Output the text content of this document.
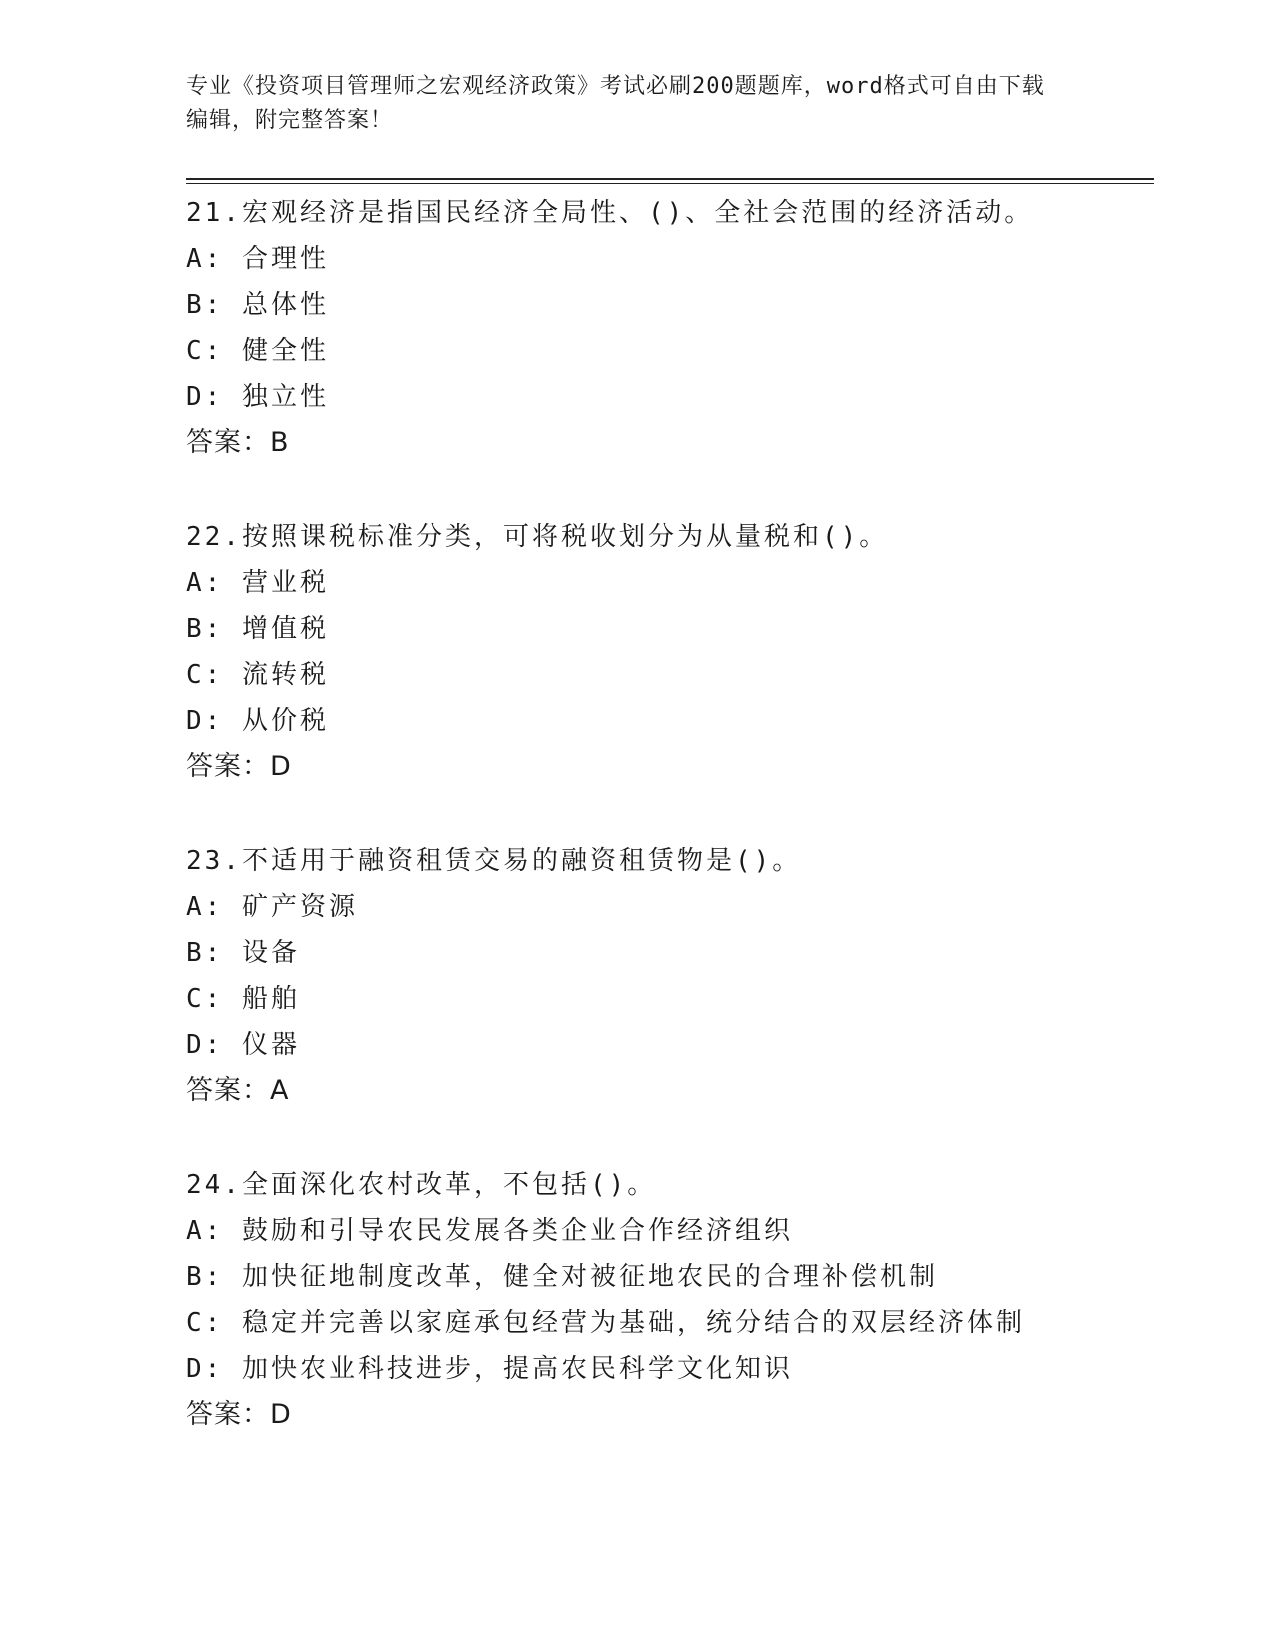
专业《投资项目管理师之宏观经济政策》考试必刷200题题库，word格式可自由下载编辑，附完整答案！
21.宏观经济是指国民经济全局性、()、全社会范围的经济活动。
A: 合理性
B: 总体性
C: 健全性
D: 独立性
答案：B
22.按照课税标准分类，可将税收划分为从量税和()。
A: 营业税
B: 增值税
C: 流转税
D: 从价税
答案：D
23.不适用于融资租赁交易的融资租赁物是()。
A: 矿产资源
B: 设备
C: 船舶
D: 仪器
答案：A
24.全面深化农村改革，不包括()。
A: 鼓励和引导农民发展各类企业合作经济组织
B: 加快征地制度改革，健全对被征地农民的合理补偿机制
C: 稳定并完善以家庭承包经营为基础，统分结合的双层经济体制
D: 加快农业科技进步，提高农民科学文化知识
答案：D
